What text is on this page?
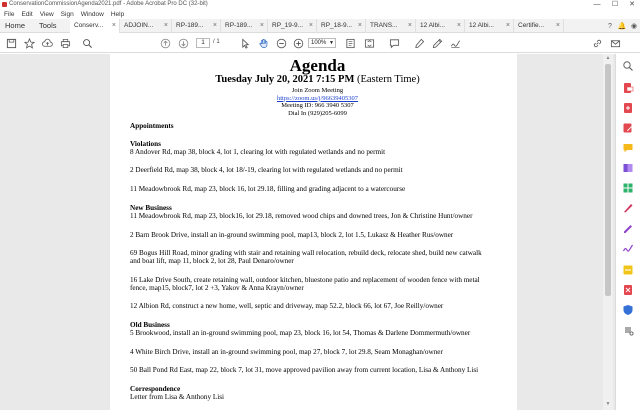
ConservationCommissionAgenda2021.pdf - Adobe Acrobat Pro DC (32-bit)	—	☐	✕
File Edit View Sign Window Help
Home	Tools	Conserv... ×	ADJOIN... ×	RP-189... ×	RP-189... ×	RP_19-9... ×	RP_18-9... ×	TRANS... ×	12 Albi... ×	12 Albi... ×	Certifie... ×	? 🔔 ◉
1	/ 1	100% ▼
Agenda
Tuesday July 20, 2021 7:15 PM (Eastern Time)
Join Zoom Meeting
https://zoom.us/j/96639405307
Meeting ID: 966 3940 5307
Dial In (929)205-6099
Appointments
Violations
8 Andover Rd, map 38, block 4, lot 1, clearing lot with regulated wetlands and no permit
2 Deerfield Rd, map 38, block 4, lot 18/-19, clearing lot with regulated wetlands and no permit
11 Meadowbrook Rd, map 23, block 16, lot 29.18, filling and grading adjacent to a watercourse
New Business
11 Meadowbrook Rd, map 23, block16, lot 29.18, removed wood chips and downed trees, Jon & Christine Hunt/owner
2 Barn Brook Drive, install an in-ground swimming pool, map13, block 2, lot 1.5, Lukasz & Heather Rus/owner
69 Bogus Hill Road, minor grading with stair and retaining wall relocation, rebuild deck, relocate shed, build new catwalk
and boat lift, map 11, block 2, lot 28, Paul Denaro/owner
16 Lake Drive South, create retaining wall, outdoor kitchen, bluestone patio and replacement of wooden fence with metal
fence, map15, block7, lot 2 +3, Yakov & Anna Krayn/owner
12 Albion Rd, construct a new home, well, septic and driveway, map 52.2, block 66, lot 67, Joe Reilly/owner
Old Business
5 Brookwood, install an in-ground swimming pool, map 23, block 16, lot 54, Thomas & Darlene Dommermuth/owner
4 White Birch Drive, install an in-ground swimming pool, map 27, block 7, lot 29.8, Seam Monaghan/owner
50 Ball Pond Rd East, map 22, block 7, lot 31, move approved pavilion away from current location, Lisa & Anthony Lisi
Correspondence
Letter from Lisa & Anthony Lisi
▲
▼
